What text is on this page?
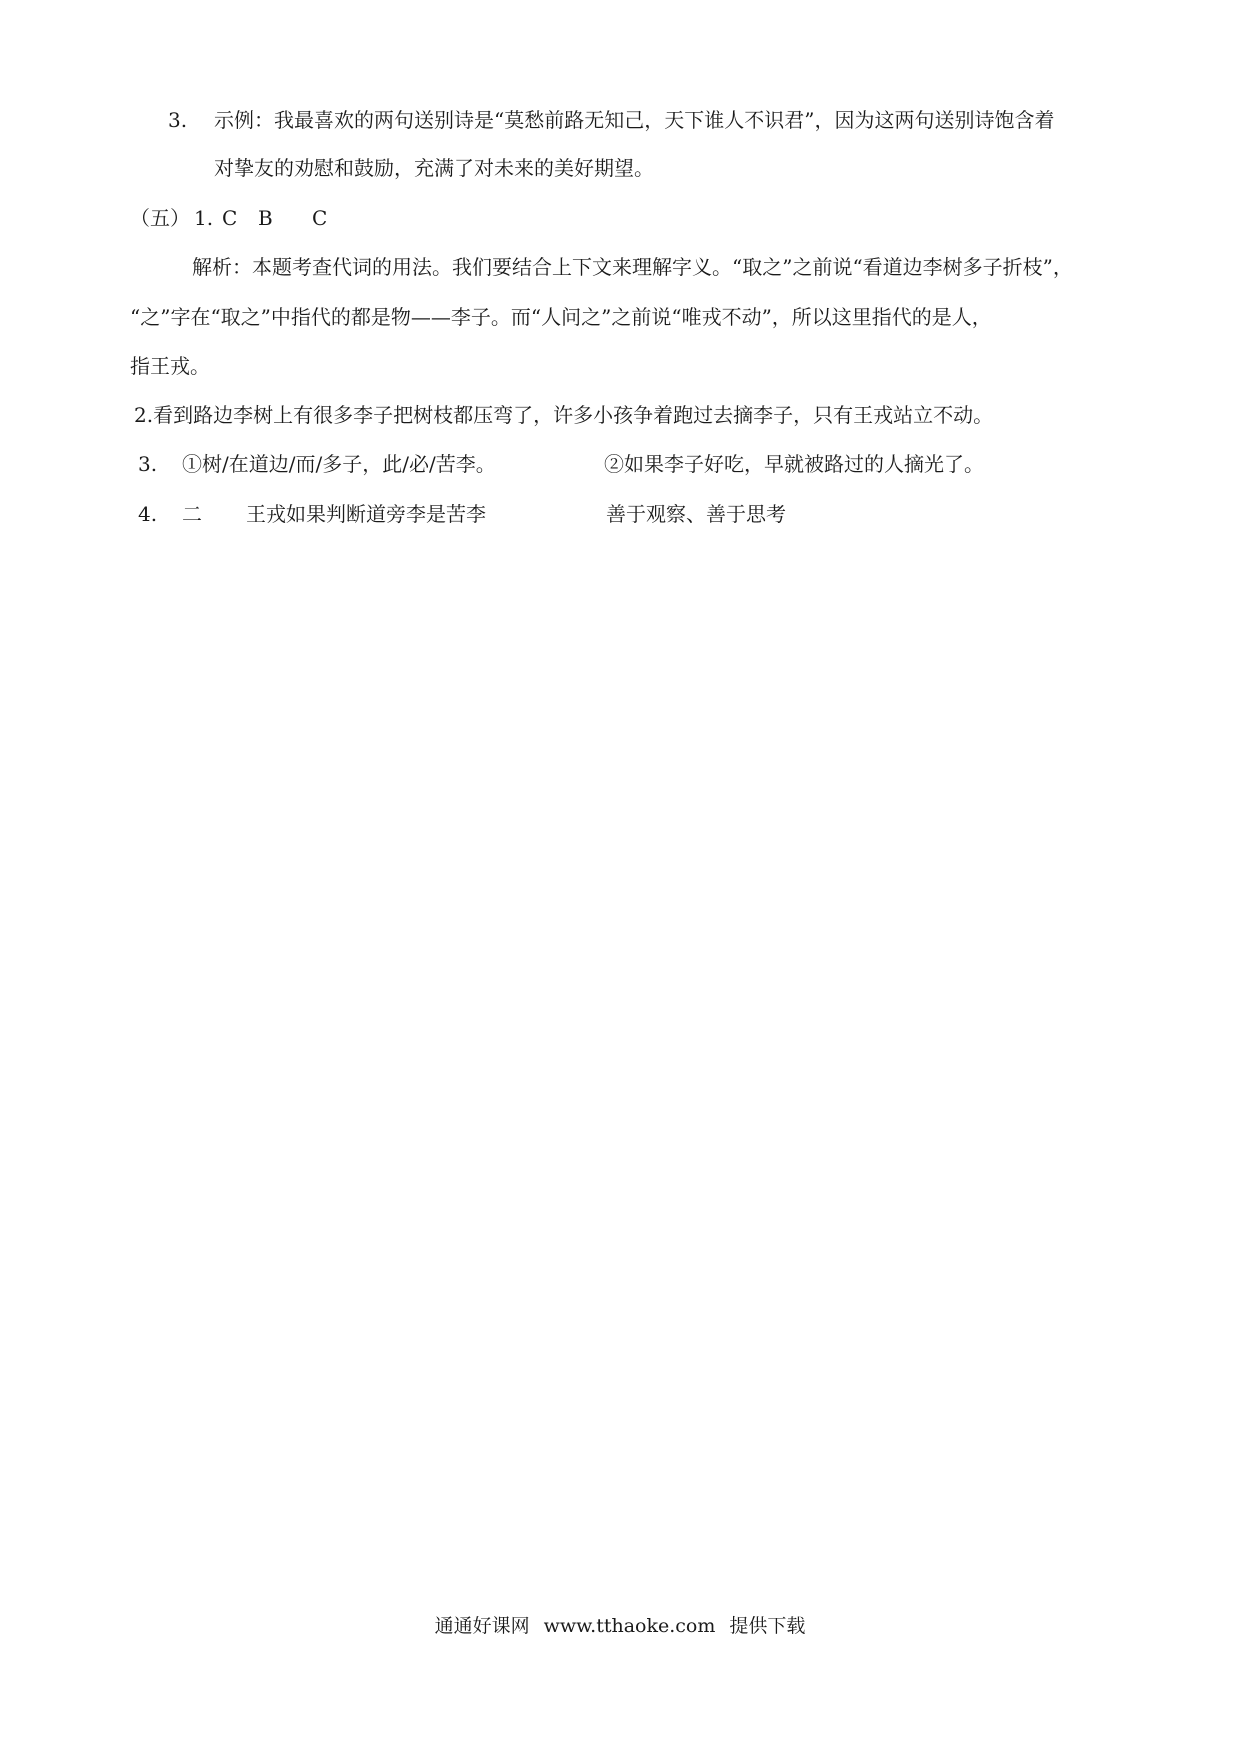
3. 示例：我最喜欢的两句送别诗是“莫愁前路无知己，天下谁人不识君”，因为这两句送别诗饱含着
对挚友的劝慰和鼓励，充满了对未来的美好期望。
（五） 1. C B C
解析：本题考查代词的用法。我们要结合上下文来理解字义。“取之”之前说“看道边李树多子折枝”，
“之”字在“取之”中指代的都是物——李子。而“人问之”之前说“唯戎不动”，所以这里指代的是人，
指王戎。
2.看到路边李树上有很多李子把树枝都压弯了，许多小孩争着跑过去摘李子，只有王戎站立不动。
3. ①树/在道边/而/多子，此/必/苦李。	②如果李子好吃，早就被路过的人摘光了。
4. 二 王戎如果判断道旁李是苦李	善于观察、善于思考
通通好课网 www.tthaoke.com 提供下载
